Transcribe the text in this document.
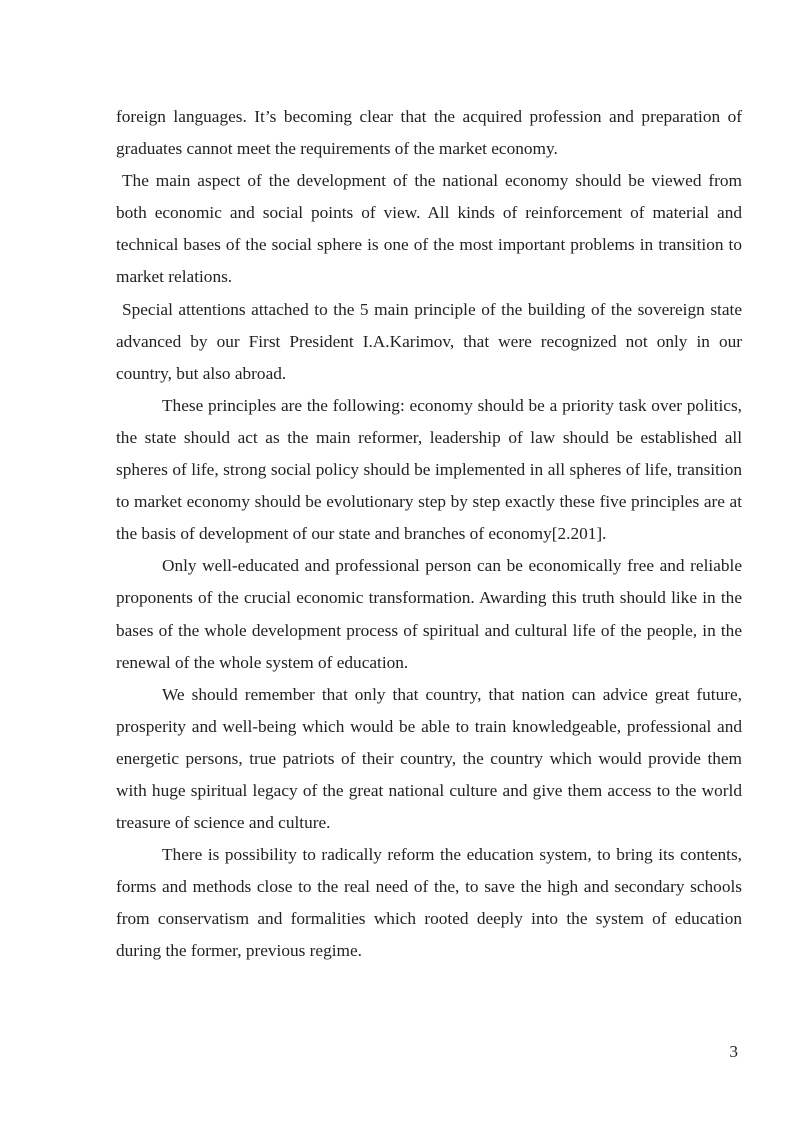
foreign languages. It’s becoming clear that the acquired profession and preparation of graduates cannot meet the requirements of the market economy.

The main aspect of the development of the national economy should be viewed from both economic and social points of view. All kinds of reinforcement of material and technical bases of the social sphere is one of the most important problems in transition to market relations.

Special attentions attached to the 5 main principle of the building of the sovereign state advanced by our First President I.A.Karimov, that were recognized not only in our country, but also abroad.

These principles are the following: economy should be a priority task over politics, the state should act as the main reformer, leadership of law should be established all spheres of life, strong social policy should be implemented in all spheres of life, transition to market economy should be evolutionary step by step exactly these five principles are at the basis of development of our state and branches of economy[2.201].

Only well-educated and professional person can be economically free and reliable proponents of the crucial economic transformation. Awarding this truth should like in the bases of the whole development process of spiritual and cultural life of the people, in the renewal of the whole system of education.

We should remember that only that country, that nation can advice great future, prosperity and well-being which would be able to train knowledgeable, professional and energetic persons, true patriots of their country, the country which would provide them with huge spiritual legacy of the great national culture and give them access to the world treasure of science and culture.

There is possibility to radically reform the education system, to bring its contents, forms and methods close to the real need of the, to save the high and secondary schools from conservatism and formalities which rooted deeply into the system of education during the former, previous regime.

3
